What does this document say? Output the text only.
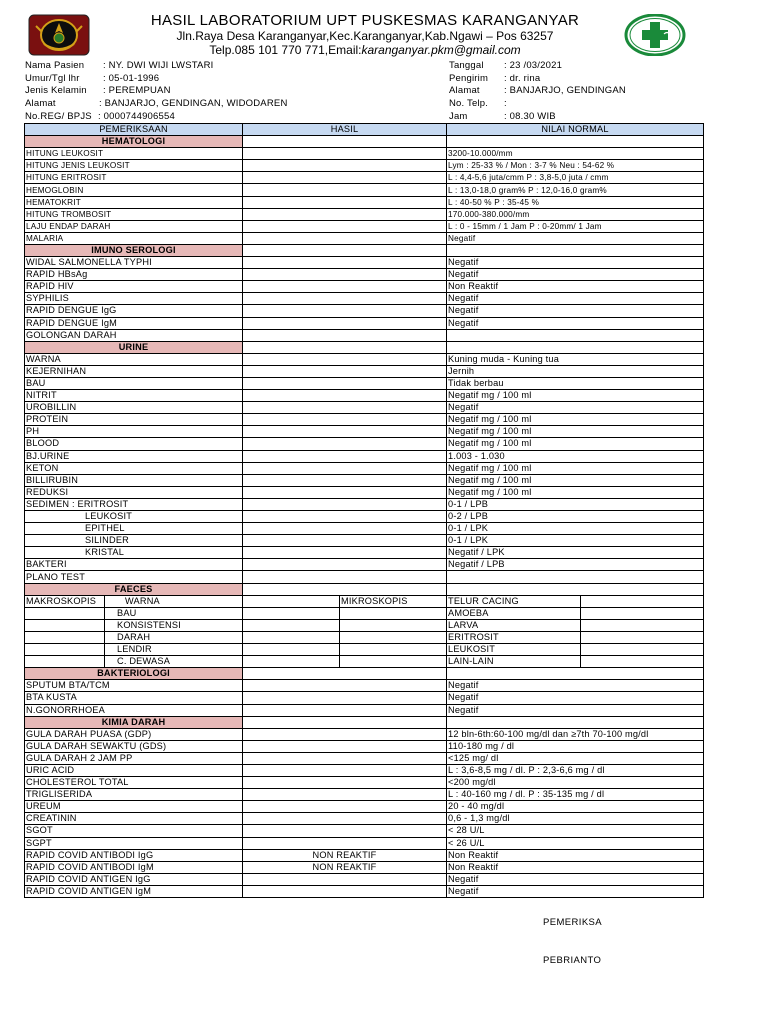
HASIL LABORATORIUM UPT PUSKESMAS KARANGANYAR
Jln.Raya Desa Karanganyar,Kec.Karanganyar,Kab.Ngawi – Pos 63257
Telp.085 101 770 771,Email:karanganyar.pkm@gmail.com
Nama Pasien : NY. DWI WIJI LWSTARI
Umur/Tgl lhr : 05-01-1996
Jenis Kelamin : PEREMPUAN
Alamat	: BANJARJO, GENDINGAN, WIDODAREN
No.REG/ BPJS : 0000744906554
Tanggal : 23 /03/2021
Pengirim : dr. rina
Alamat	: BANJARJO, GENDINGAN
No. Telp. :
Jam	: 08.30 WIB
PEMERIKSAAN		HASIL		NILAI NORMAL	
HEMATOLOGI					
HITUNG LEUKOSIT				3200-10.000/mm	
HITUNG JENIS LEUKOSIT				Lym : 25-33 % / Mon : 3-7 % Neu : 54-62 %	
HITUNG ERITROSIT				L : 4,4-5,6 juta/cmm P : 3,8-5,0 juta / cmm	
HEMOGLOBIN				L : 13,0-18,0 gram% P : 12,0-16,0 gram%	
HEMATOKRIT				L : 40-50 % P : 35-45 %	
HITUNG TROMBOSIT				170.000-380.000/mm	
LAJU ENDAP DARAH				L : 0 - 15mm / 1 Jam P : 0-20mm/ 1 Jam	
MALARIA				Negatif	
IMUNO SEROLOGI					
WIDAL SALMONELLA TYPHI				Negatif	
RAPID HBsAg				Negatif	
RAPID HIV				Non Reaktif	
SYPHILIS				Negatif	
RAPID DENGUE IgG				Negatif	
RAPID DENGUE IgM				Negatif	
GOLONGAN DARAH					
URINE					
WARNA				Kuning muda - Kuning tua	
KEJERNIHAN				Jernih	
BAU				Tidak berbau	
NITRIT				Negatif mg / 100 ml	
UROBILLIN				Negatif	
PROTEIN				Negatif mg / 100 ml	
PH				Negatif mg / 100 ml	
BLOOD				Negatif mg / 100 ml	
BJ.URINE				1.003 - 1.030	
KETON				Negatif mg / 100 ml	
BILLIRUBIN				Negatif mg / 100 ml	
REDUKSI				Negatif mg / 100 ml	
SEDIMEN : ERITROSIT				0-1 / LPB	
LEUKOSIT				0-2 / LPB	
EPITHEL				0-1 / LPK	
SILINDER				0-1 / LPK	
KRISTAL				Negatif / LPK	
BAKTERI				Negatif / LPB	
PLANO TEST					
FAECES					
MAKROSKOPIS	WARNA		MIKROSKOPIS	TELUR CACING	
	BAU			AMOEBA	
	KONSISTENSI			LARVA	
	DARAH			ERITROSIT	
	LENDIR			LEUKOSIT	
	C. DEWASA			LAIN-LAIN	
BAKTERIOLOGI					
SPUTUM BTA/TCM				Negatif	
BTA KUSTA				Negatif	
N.GONORRHOEA				Negatif	
KIMIA DARAH					
GULA DARAH PUASA (GDP)				12 bln-6th:60-100 mg/dl dan ≥7th 70-100 mg/dl	
GULA DARAH SEWAKTU (GDS)				110-180 mg / dl	
GULA DARAH 2 JAM PP				<125 mg/ dl	
URIC ACID				L : 3,6-8,5 mg / dl. P : 2,3-6,6 mg / dl	
CHOLESTEROL TOTAL				<200 mg/dl	
TRIGLISERIDA				L : 40-160 mg / dl. P : 35-135 mg / dl	
UREUM				20 - 40 mg/dl	
CREATININ				0,6 - 1,3 mg/dl	
SGOT				< 28 U/L	
SGPT				< 26 U/L	
RAPID COVID ANTIBODI IgG		NON REAKTIF		Non Reaktif	
RAPID COVID ANTIBODI IgM		NON REAKTIF		Non Reaktif	
RAPID COVID ANTIGEN IgG				Negatif	
RAPID COVID ANTIGEN IgM				Negatif	
PEMERIKSA
PEBRIANTO
